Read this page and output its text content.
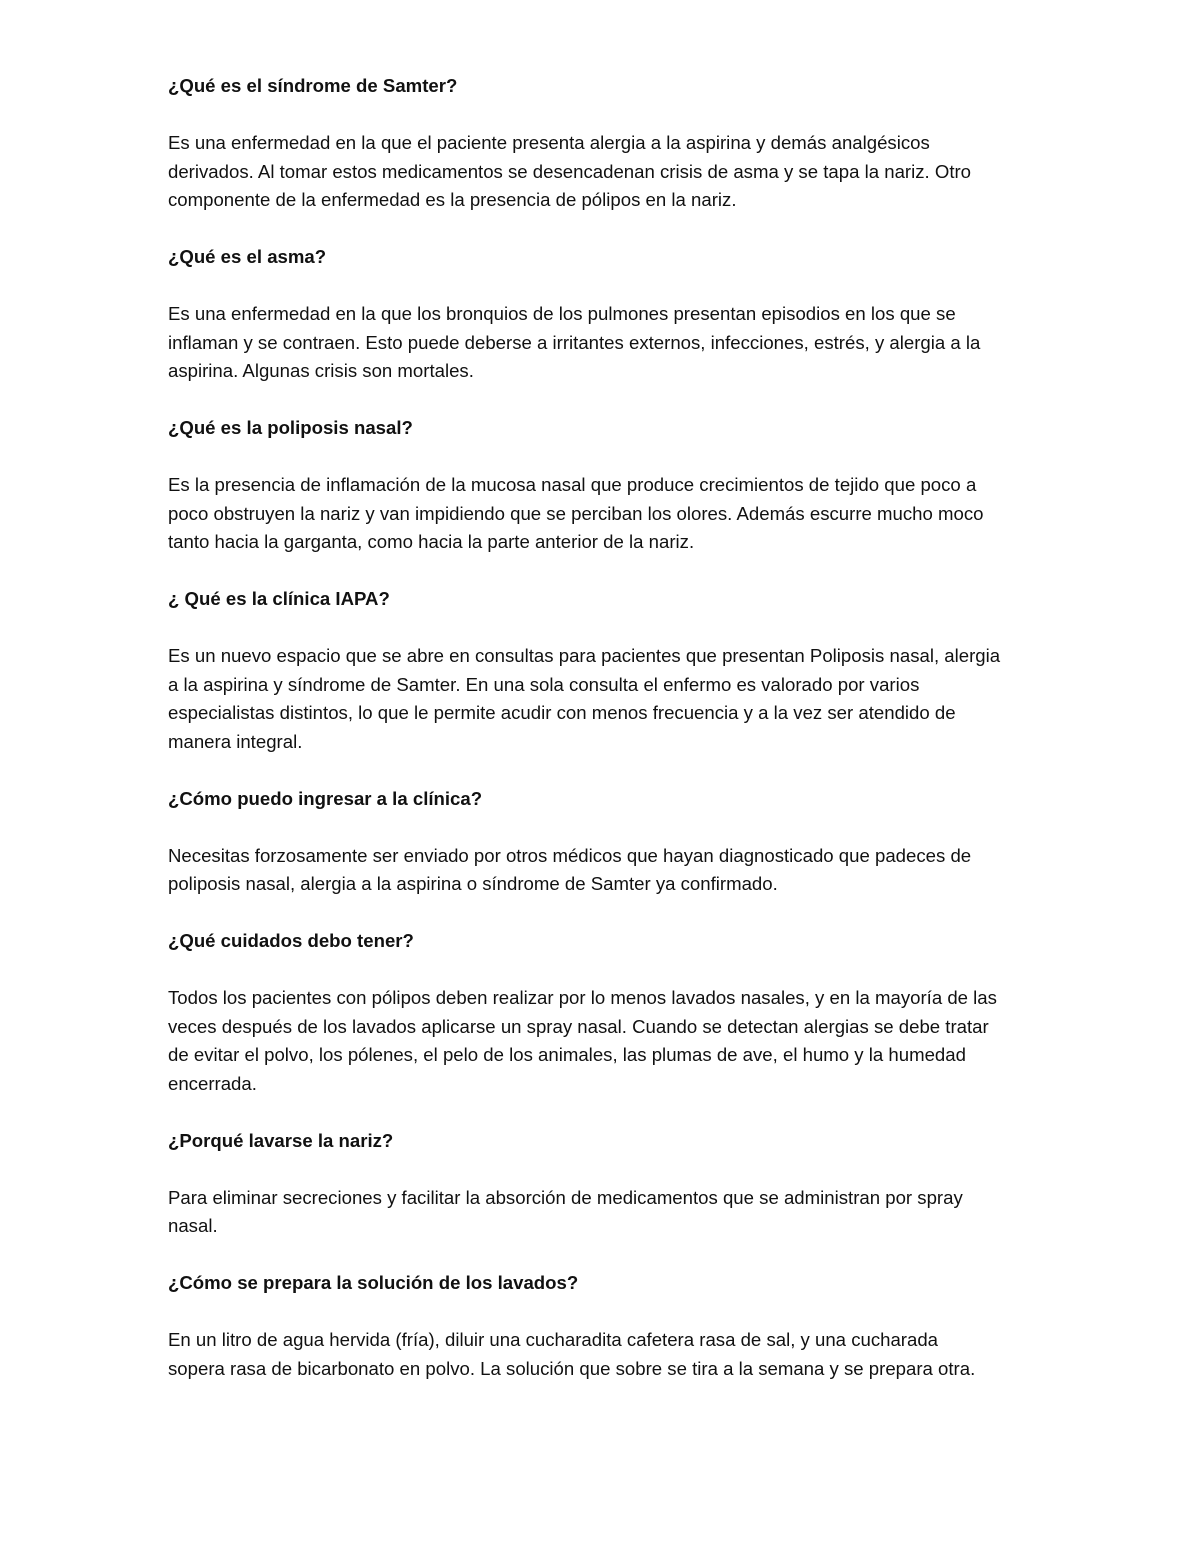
¿Qué es el síndrome de Samter?
Es una enfermedad en la que el paciente presenta alergia a la aspirina y demás analgésicos
derivados. Al tomar estos medicamentos se desencadenan crisis de asma y se tapa la nariz. Otro
componente de la enfermedad es la presencia de pólipos en la nariz.
¿Qué es el asma?
Es una enfermedad en la que los bronquios de los pulmones presentan episodios en los que se
inflaman y se contraen. Esto puede deberse a irritantes externos, infecciones, estrés, y alergia a la
aspirina. Algunas crisis son mortales.
¿Qué es la poliposis nasal?
Es la presencia de inflamación de la mucosa nasal que produce crecimientos de tejido que poco a
poco obstruyen la nariz y van impidiendo que se perciban los olores. Además escurre mucho moco
tanto hacia la garganta, como hacia la parte anterior de la nariz.
¿ Qué es la clínica IAPA?
Es un nuevo espacio que se abre en consultas para pacientes que presentan Poliposis nasal, alergia
a la aspirina y síndrome de Samter. En una sola consulta el enfermo es valorado por varios
especialistas distintos, lo que le permite acudir con menos frecuencia y a la vez ser atendido de
manera integral.
¿Cómo puedo ingresar a la clínica?
Necesitas forzosamente ser enviado por otros médicos que hayan diagnosticado que padeces de
poliposis nasal, alergia a la aspirina o síndrome de Samter ya confirmado.
¿Qué cuidados debo tener?
Todos los pacientes con pólipos deben realizar por lo menos lavados nasales, y en la mayoría de las
veces después de los lavados aplicarse un spray nasal. Cuando se detectan alergias se debe tratar
de evitar el polvo, los pólenes, el pelo de los animales, las plumas de ave, el humo y la humedad
encerrada.
¿Porqué lavarse la nariz?
Para eliminar secreciones y facilitar la absorción de medicamentos que se administran por spray
nasal.
¿Cómo se prepara la solución de los lavados?
En un litro de agua hervida (fría), diluir una cucharadita cafetera rasa de sal, y una cucharada
sopera rasa de bicarbonato en polvo. La solución que sobre se tira a la semana y se prepara otra.
